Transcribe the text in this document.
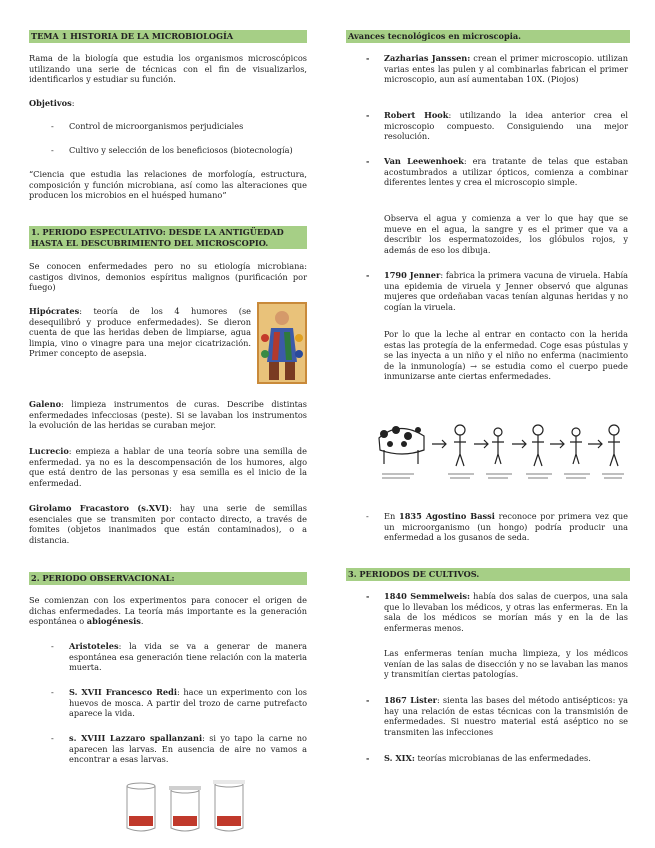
TEMA 1 HISTORIA DE LA MICROBIOLOGÍA

Rama de la biología que estudia los organismos microscópicos utilizando una serie de técnicas con el fin de visualizarlos, identificarlos y estudiar su función.

Objetivos:

- Control de microorganismos perjudiciales
- Cultivo y selección de los beneficiosos (biotecnología)

“Ciencia que estudia las relaciones de morfología, estructura, composición y función microbiana, así como las alteraciones que producen los microbios en el huésped humano”

1. PERIODO ESPECULATIVO: DESDE LA ANTIGÜEDAD HASTA EL DESCUBRIMIENTO DEL MICROSCOPIO.

Se conocen enfermedades pero no su etiología microbiana: castigos divinos, demonios espíritus malignos (purificación por fuego)

Hipócrates: teoría de los 4 humores (se desequilibró y produce enfermedades). Se dieron cuenta de que las heridas deben de limpiarse, agua limpia, vino o vinagre para una mejor cicatrización. Primer concepto de asepsia.

Galeno: limpieza instrumentos de curas. Describe distintas enfermedades infecciosas (peste). Si se lavaban los instrumentos la evolución de las heridas se curaban mejor.

Lucrecio: empieza a hablar de una teoría sobre una semilla de enfermedad. ya no es la descompensación de los humores, algo que está dentro de las personas y esa semilla es el inicio de la enfermedad.

Girolamo Fracastoro (s.XVI): hay una serie de semillas esenciales que se transmiten por contacto directo, a través de fomites (objetos inanimados que están contaminados), o a distancia.

2. PERIODO OBSERVACIONAL:

Se comienzan con los experimentos para conocer el origen de dichas enfermedades. La teoría más importante es la generación espontánea o abiogénesis.

- Aristoteles: la vida se va a generar de manera espontánea esa generación tiene relación con la materia muerta.

- S. XVII Francesco Redi: hace un experimento con los huevos de mosca. A partir del trozo de carne putrefacto aparece la vida.

- s. XVIII Lazzaro spallanzani: si yo tapo la carne no aparecen las larvas. En ausencia de aire no vamos a encontrar a esas larvas.

Avances tecnológicos en microscopia.
- Zazharias Janssen: crean el primer microscopio. utilizan varias entes las pulen y al combinarlas fabrican el primer microscopio, aun así aumentaban 10X. (Piojos)

- Robert Hook: utilizando la idea anterior crea el microscopio compuesto. Consiguiendo una mejor resolución.

- Van Leewenhoek: era tratante de telas que estaban acostumbrados a utilizar ópticos, comienza a combinar diferentes lentes y crea el microscopio simple.

Observa el agua y comienza a ver lo que hay que se mueve en el agua, la sangre y es el primer que va a describir los espermatozoides, los glóbulos rojos, y además de eso los dibuja.

- 1790 Jenner: fabrica la primera vacuna de viruela. Había una epidemia de viruela y Jenner observó que algunas mujeres que ordeñaban vacas tenían algunas heridas y no cogían la viruela.

Por lo que la leche al entrar en contacto con la herida estas las protegía de la enfermedad. Coge esas pústulas y se las inyecta a un niño y el niño no enferma (nacimiento de la inmunología) → se estudia como el cuerpo puede inmunizarse ante ciertas enfermedades.

- En 1835 Agostino Bassi reconoce por primera vez que un microorganismo (un hongo) podría producir una enfermedad a los gusanos de seda.

3. PERIODOS DE CULTIVOS.
- 1840 Semmelweis: había dos salas de cuerpos, una sala que lo llevaban los médicos, y otras las enfermeras. En la sala de los médicos se morían más y en la de las enfermeras menos.

Las enfermeras tenían mucha limpieza, y los médicos venían de las salas de disección y no se lavaban las manos y transmitían ciertas patologías.

- 1867 Lister: sienta las bases del método antisépticos: ya hay una relación de estas técnicas con la transmisión de enfermedades. Si nuestro material está aséptico no se transmiten las infecciones

- S. XIX: teorías microbianas de las enfermedades.
